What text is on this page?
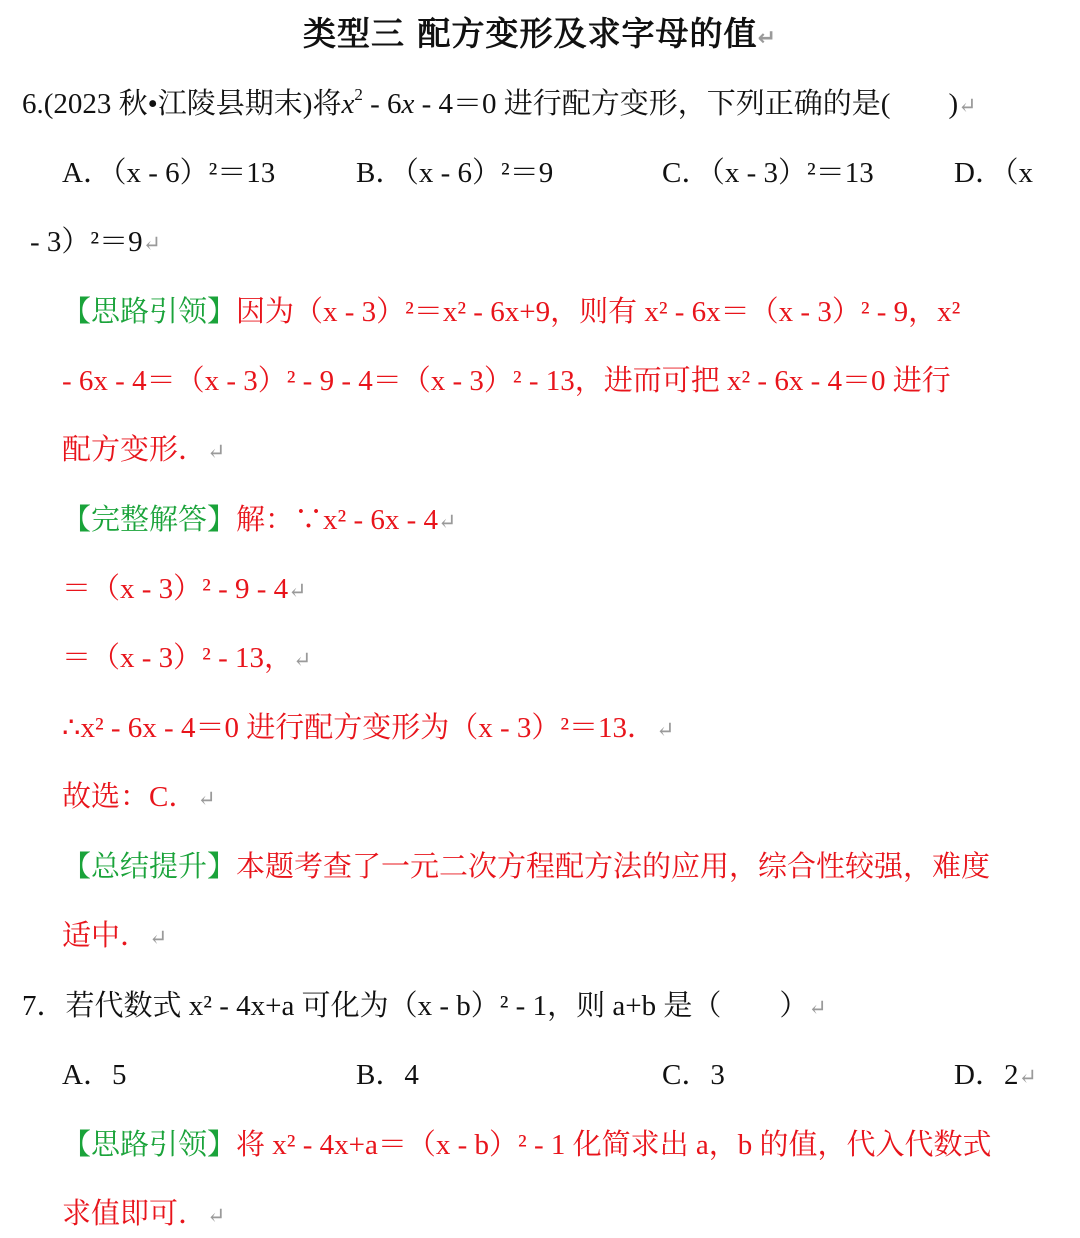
类型三 配方变形及求字母的值↵
6.(2023 秋•江陵县期末)将$x^2 - 6x - 4=0$ 进行配方变形，下列正确的是(　　)↵
A．（x - 6）²＝13	B．（x - 6）²＝9	C．（x - 3）²＝13	D．（x
- 3）²＝9↵
【思路引领】因为（x - 3）²＝x² - 6x+9，则有 x² - 6x＝（x - 3）² - 9，x²
- 6x - 4＝（x - 3）² - 9 - 4＝（x - 3）² - 13，进而可把 x² - 6x - 4＝0 进行
配方变形．↵
【完整解答】解：∵x² - 6x - 4↵
＝（x - 3）² - 9 - 4↵
＝（x - 3）² - 13，↵
∴x² - 6x - 4＝0 进行配方变形为（x - 3）²＝13．↵
故选：C．↵
【总结提升】本题考查了一元二次方程配方法的应用，综合性较强，难度
适中．↵
7．若代数式 x² - 4x+a 可化为（x - b）² - 1，则 a+b 是（　　）↵
A．5	B．4	C．3	D．2↵
【思路引领】将 x² - 4x+a＝（x - b）² - 1 化简求出 a，b 的值，代入代数式
求值即可．↵
